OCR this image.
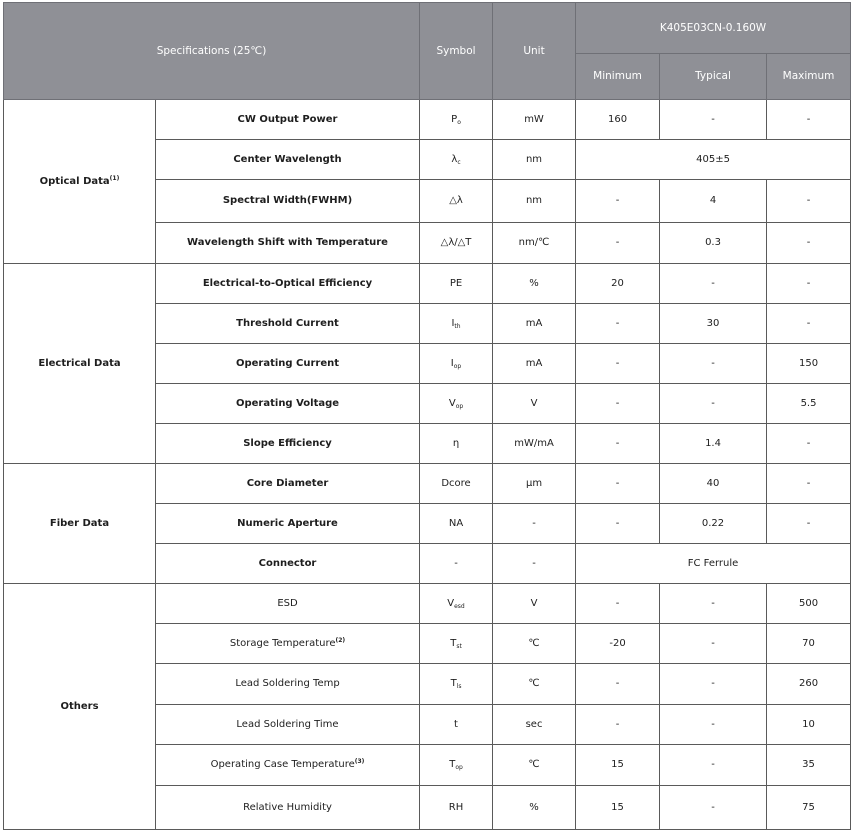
Specifications (25℃)		Symbol	Unit	K405E03CN-0.160W		
				Minimum	Typical	Maximum
Optical Data$^{(1)}$	CW Output Power	$P_o$	mW	160	-	-
	Center Wavelength	$\lambda_c$	nm	405±5		
	Spectral Width(FWHM)	△λ	nm	-	4	-
	Wavelength Shift with Temperature	△λ/△T	nm/℃	-	0.3	-
Electrical Data	Electrical-to-Optical Efficiency	PE	%	20	-	-
	Threshold Current	$I_{th}$	mA	-	30	-
	Operating Current	$I_{op}$	mA	-	-	150
	Operating Voltage	$V_{op}$	V	-	-	5.5
	Slope Efficiency	η	mW/mA	-	1.4	-
Fiber Data	Core Diameter	Dcore	μm	-	40	-
	Numeric Aperture	NA	-	-	0.22	-
	Connector	-	-	FC Ferrule		
Others	ESD	$V_{esd}$	V	-	-	500
	Storage Temperature$^{(2)}$	$T_{st}$	℃	-20	-	70
	Lead Soldering Temp	$T_{ls}$	℃	-	-	260
	Lead Soldering Time	t	sec	-	-	10
	Operating Case Temperature$^{(3)}$	$T_{op}$	℃	15	-	35
	Relative Humidity	RH	%	15	-	75
